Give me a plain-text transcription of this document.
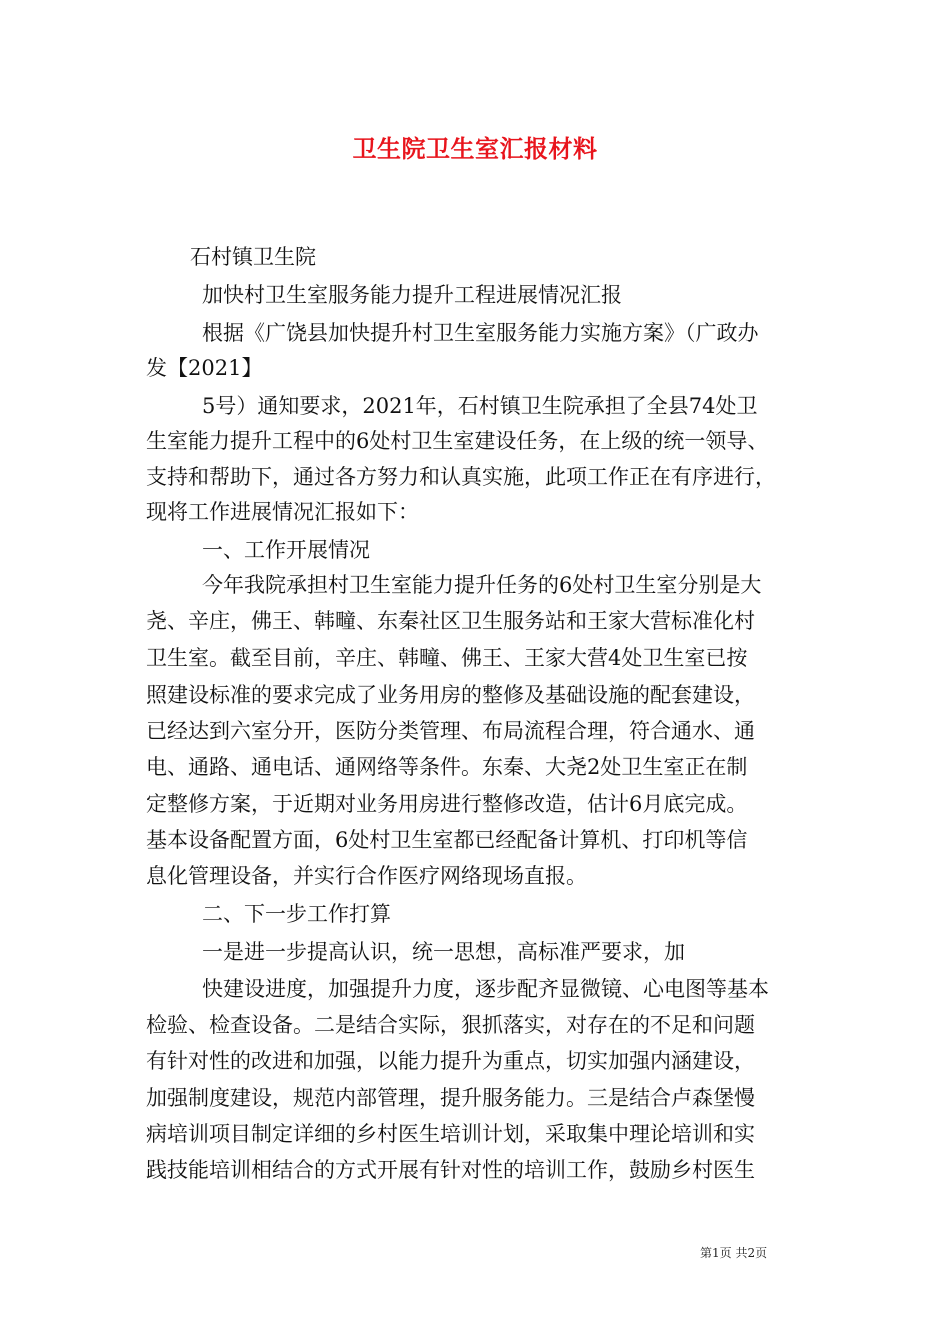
卫生院卫生室汇报材料
石村镇卫生院
加快村卫生室服务能力提升工程进展情况汇报
根据《广饶县加快提升村卫生室服务能力实施方案》（广政办
发【2021】
5号）通知要求，2021年，石村镇卫生院承担了全县74处卫
生室能力提升工程中的6处村卫生室建设任务，在上级的统一领导、
支持和帮助下，通过各方努力和认真实施，此项工作正在有序进行，
现将工作进展情况汇报如下：
一、工作开展情况
今年我院承担村卫生室能力提升任务的6处村卫生室分别是大
尧、辛庄，佛王、韩疃、东秦社区卫生服务站和王家大营标准化村
卫生室。截至目前，辛庄、韩疃、佛王、王家大营4处卫生室已按
照建设标准的要求完成了业务用房的整修及基础设施的配套建设，
已经达到六室分开，医防分类管理、布局流程合理，符合通水、通
电、通路、通电话、通网络等条件。东秦、大尧2处卫生室正在制
定整修方案，于近期对业务用房进行整修改造，估计6月底完成。
基本设备配置方面，6处村卫生室都已经配备计算机、打印机等信
息化管理设备，并实行合作医疗网络现场直报。
二、下一步工作打算
一是进一步提高认识，统一思想，高标准严要求，加
快建设进度，加强提升力度，逐步配齐显微镜、心电图等基本
检验、检查设备。二是结合实际，狠抓落实，对存在的不足和问题
有针对性的改进和加强，以能力提升为重点，切实加强内涵建设，
加强制度建设，规范内部管理，提升服务能力。三是结合卢森堡慢
病培训项目制定详细的乡村医生培训计划，采取集中理论培训和实
践技能培训相结合的方式开展有针对性的培训工作，鼓励乡村医生
第1页 共2页
